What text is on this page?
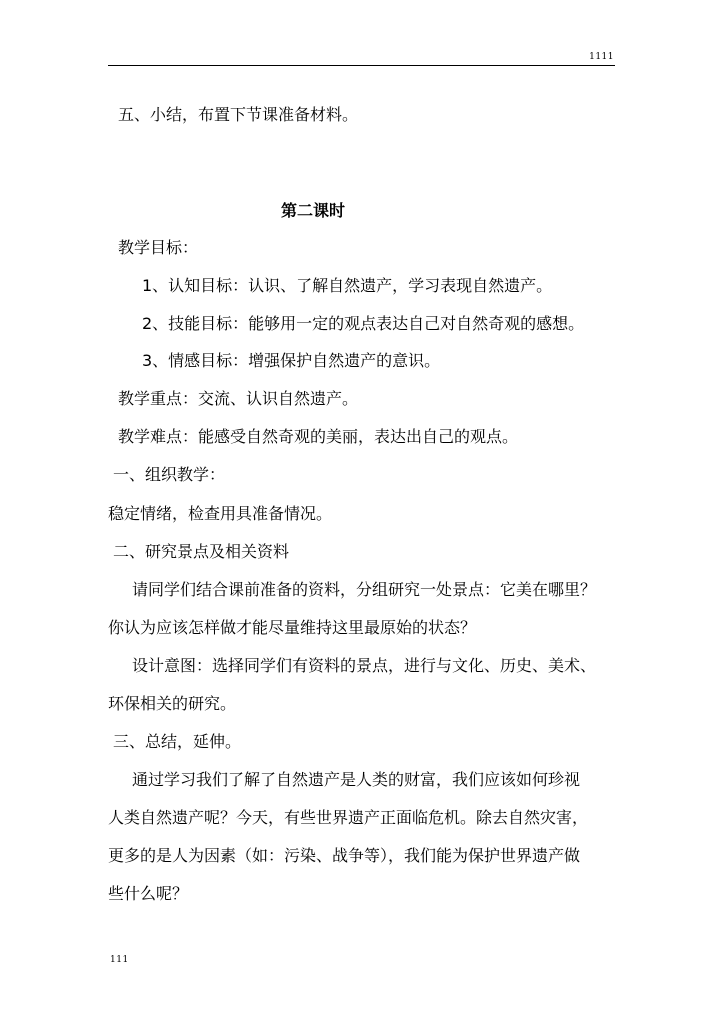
1111
五、小结，布置下节课准备材料。
第二课时
教学目标：
1、认知目标：认识、了解自然遗产，学习表现自然遗产。
2、技能目标：能够用一定的观点表达自己对自然奇观的感想。
3、情感目标：增强保护自然遗产的意识。
教学重点：交流、认识自然遗产。
教学难点：能感受自然奇观的美丽，表达出自己的观点。
一、组织教学：
稳定情绪，检查用具准备情况。
二、研究景点及相关资料
请同学们结合课前准备的资料，分组研究一处景点：它美在哪里？
你认为应该怎样做才能尽量维持这里最原始的状态？
设计意图：选择同学们有资料的景点，进行与文化、历史、美术、
环保相关的研究。
三、总结，延伸。
通过学习我们了解了自然遗产是人类的财富，我们应该如何珍视
人类自然遗产呢？今天，有些世界遗产正面临危机。除去自然灾害，
更多的是人为因素（如：污染、战争等），我们能为保护世界遗产做
些什么呢？
111
